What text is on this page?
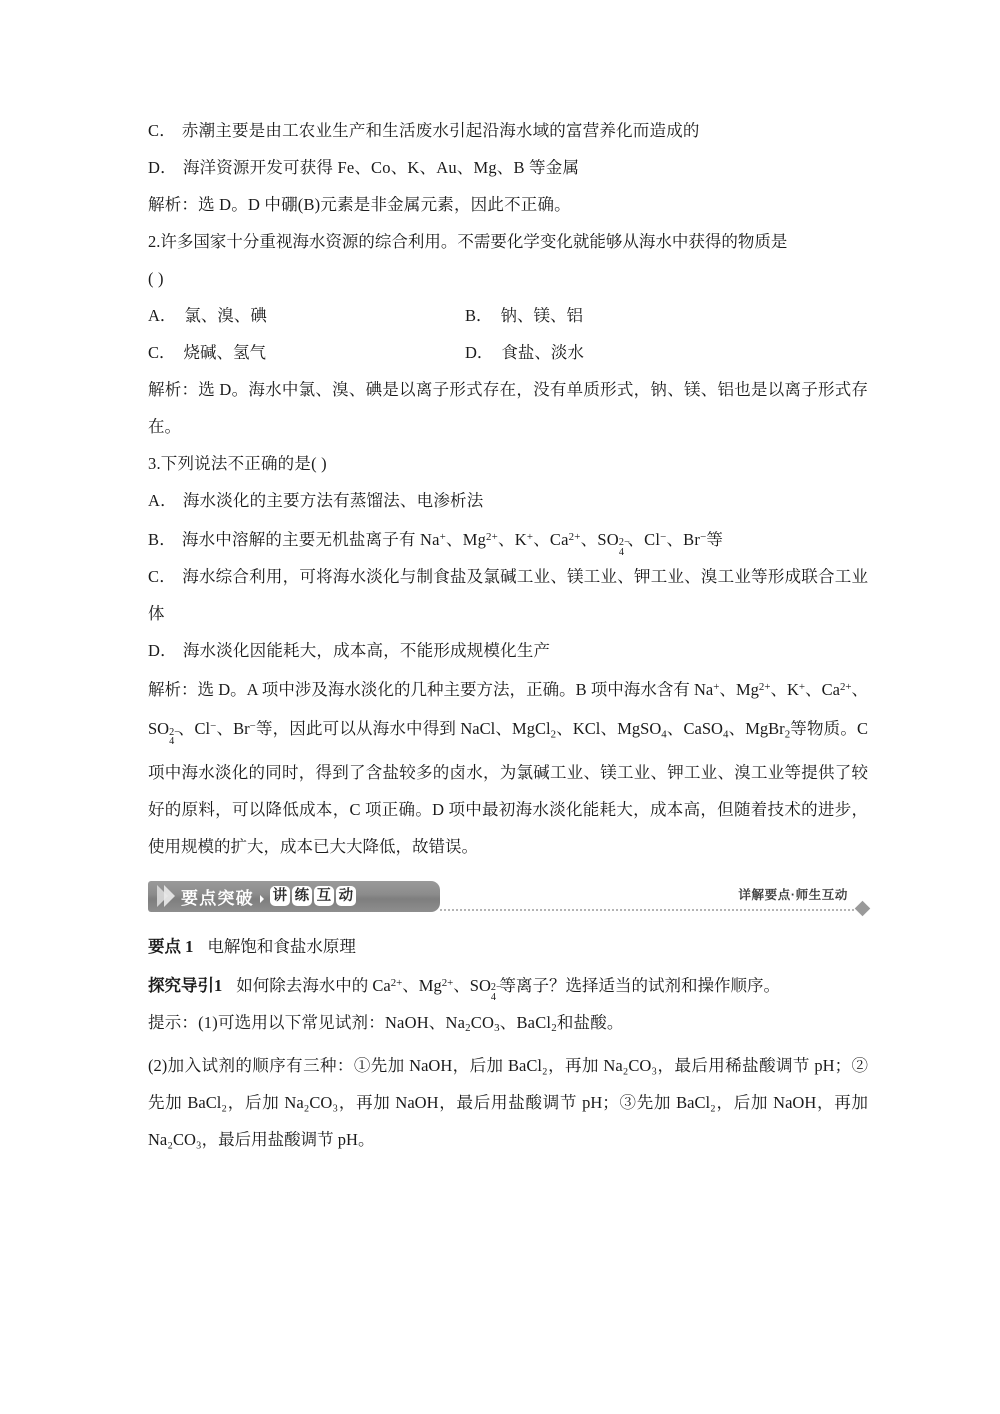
C． 赤潮主要是由工农业生产和生活废水引起沿海水域的富营养化而造成的
D． 海洋资源开发可获得 Fe、Co、K、Au、Mg、B 等金属
解析：选 D。D 中硼(B)元素是非金属元素，因此不正确。
2.许多国家十分重视海水资源的综合利用。不需要化学变化就能够从海水中获得的物质是
( )
A． 氯、溴、碘	B． 钠、镁、铝
C． 烧碱、氢气	D． 食盐、淡水
解析：选 D。海水中氯、溴、碘是以离子形式存在，没有单质形式，钠、镁、铝也是以离子形式存在。
3.下列说法不正确的是( )
A． 海水淡化的主要方法有蒸馏法、电渗析法
B． 海水中溶解的主要无机盐离子有 Na+、$Mg^{2+}$、K+、$Ca^{2+}$、SO 2−
4
、Cl−、Br−等
C． 海水综合利用，可将海水淡化与制食盐及氯碱工业、镁工业、钾工业、溴工业等形成联合工业体
D． 海水淡化因能耗大，成本高，不能形成规模化生产
解析：选 D。A 项中涉及海水淡化的几种主要方法，正确。B 项中海水含有 Na+、$Mg^{2+}$、K+、$Ca^{2+}$、SO 2−
4
、Cl−、Br−等，因此可以从海水中得到 NaCl、MgCl$_2$、KCl、MgSO$_4$、CaSO$_4$、MgBr$_2$等物质。C 项中海水淡化的同时，得到了含盐较多的卤水，为氯碱工业、镁工业、钾工业、溴工业等提供了较好的原料，可以降低成本，C 项正确。D 项中最初海水淡化能耗大，成本高，但随着技术的进步，使用规模的扩大，成本已大大降低，故错误。
要点突破 讲 练 互 动	详解要点·师生互动
要点 1 电解饱和食盐水原理
探究导引1 如何除去海水中的 $Ca^{2+}$、$Mg^{2+}$、SO 2−
4
等离子？选择适当的试剂和操作顺序。
提示：(1)可选用以下常见试剂：NaOH、$Na_2CO_3$、BaCl$_2$和盐酸。
(2)加入试剂的顺序有三种：①先加 NaOH，后加 BaCl₂，再加 Na₂CO₃，最后用稀盐酸调节 pH；②先加 BaCl₂，后加 Na₂CO₃，再加 NaOH，最后用盐酸调节 pH；③先加 BaCl₂，后加 NaOH，再加 Na₂CO₃，最后用盐酸调节 pH。
